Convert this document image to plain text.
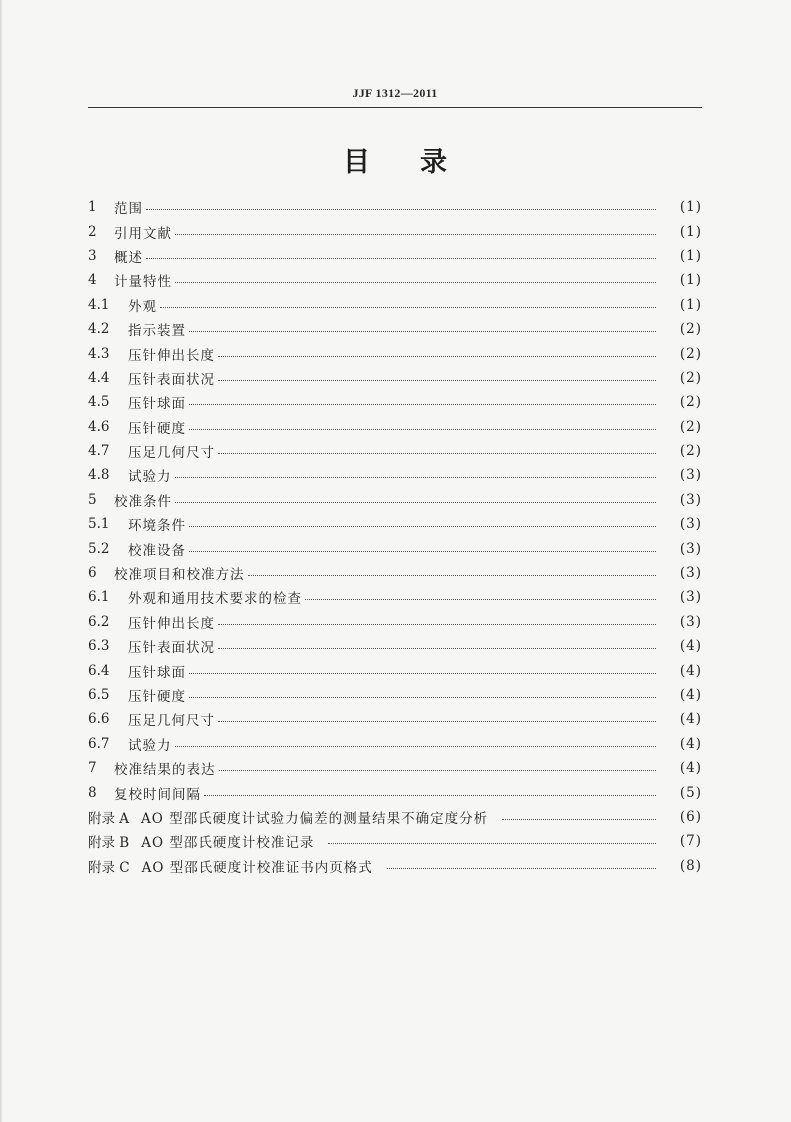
JJF 1312—2011
目 录
1	范围	(1)
2	引用文献	(1)
3	概述	(1)
4	计量特性	(1)
4.1	外观	(1)
4.2	指示装置	(2)
4.3	压针伸出长度	(2)
4.4	压针表面状况	(2)
4.5	压针球面	(2)
4.6	压针硬度	(2)
4.7	压足几何尺寸	(2)
4.8	试验力	(3)
5	校准条件	(3)
5.1	环境条件	(3)
5.2	校准设备	(3)
6	校准项目和校准方法	(3)
6.1	外观和通用技术要求的检查	(3)
6.2	压针伸出长度	(3)
6.3	压针表面状况	(4)
6.4	压针球面	(4)
6.5	压针硬度	(4)
6.6	压足几何尺寸	(4)
6.7	试验力	(4)
7	校准结果的表达	(4)
8	复校时间间隔	(5)
附录 A AO 型邵氏硬度计试验力偏差的测量结果不确定度分析	(6)
附录 B AO 型邵氏硬度计校准记录	(7)
附录 C AO 型邵氏硬度计校准证书内页格式	(8)
